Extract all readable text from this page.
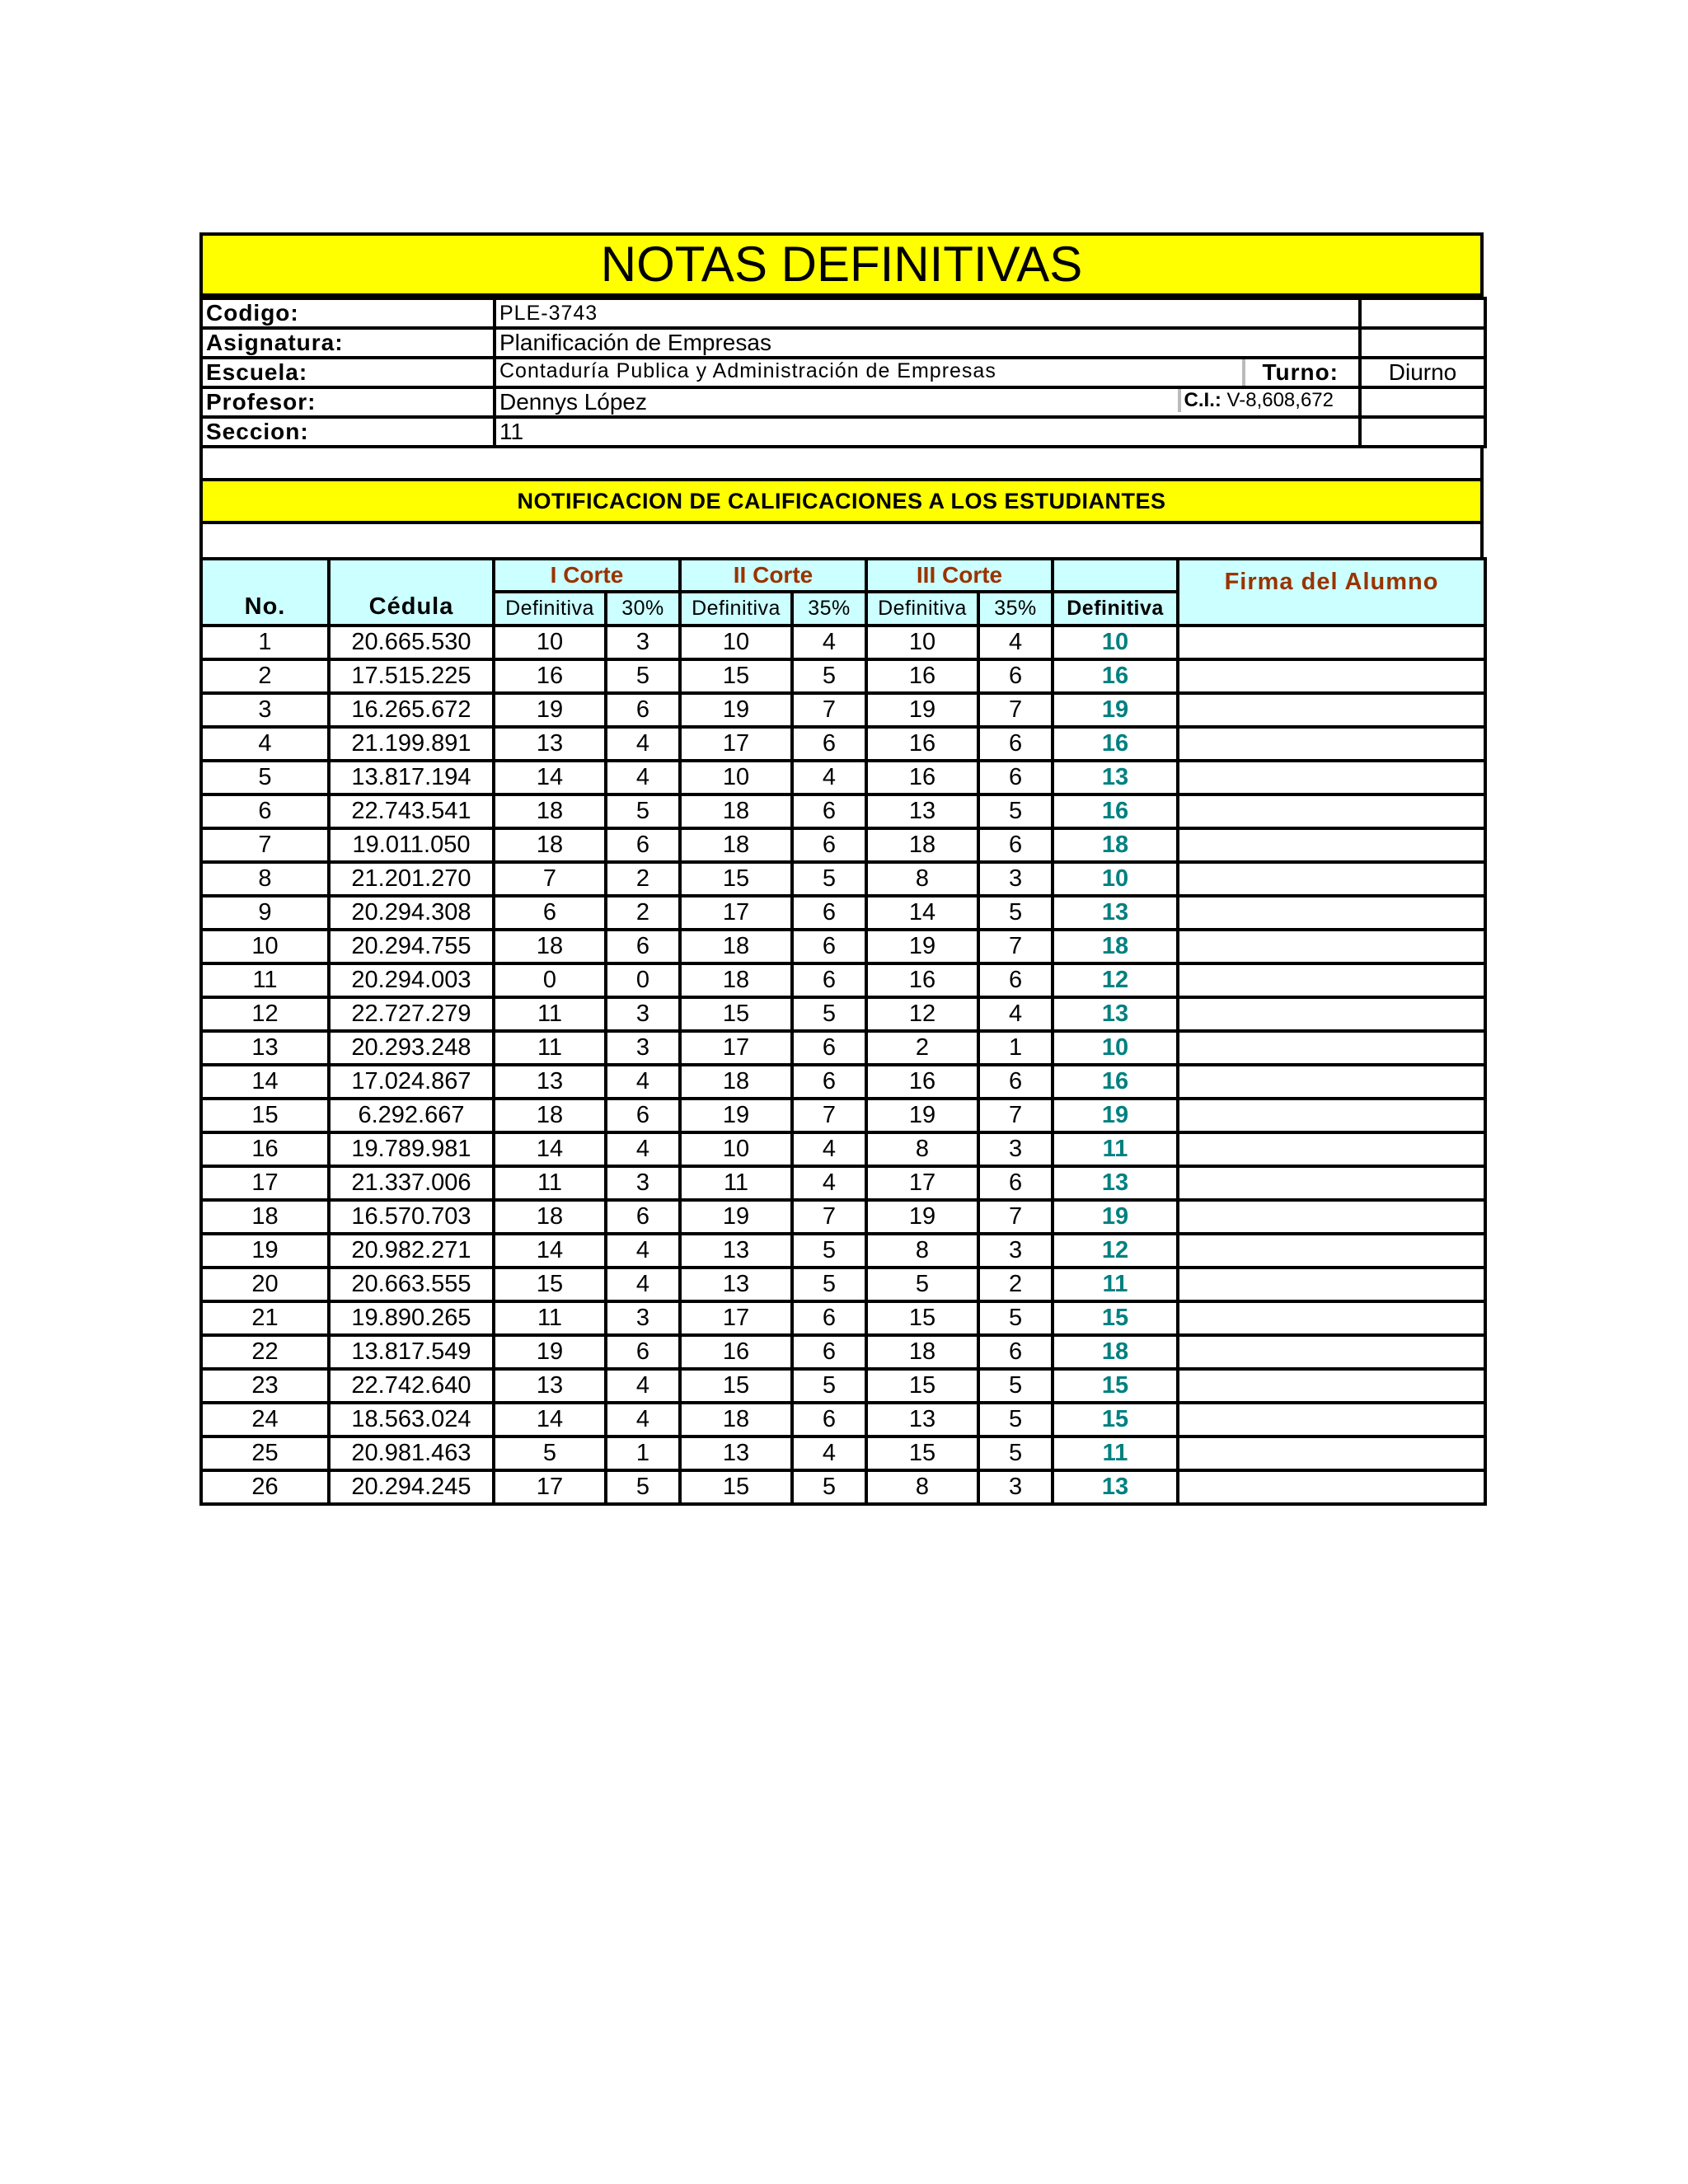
NOTAS DEFINITIVAS
Codigo:	PLE-3743	
Asignatura:	Planificación de Empresas	
Escuela:	Contaduría Publica y Administración de Empresas Turno:	Diurno
Profesor:	Dennys López C.I.: V-8,608,672	

Seccion:	11	
NOTIFICACION DE CALIFICACIONES A LOS ESTUDIANTES
No.	Cédula	I Corte		II Corte		III Corte			Firma del Alumno
		Definitiva	30%	Definitiva	35%	Definitiva	35%	Definitiva	
1	20.665.530	10	3	10	4	10	4	10	
2	17.515.225	16	5	15	5	16	6	16	
3	16.265.672	19	6	19	7	19	7	19	
4	21.199.891	13	4	17	6	16	6	16	
5	13.817.194	14	4	10	4	16	6	13	
6	22.743.541	18	5	18	6	13	5	16	
7	19.011.050	18	6	18	6	18	6	18	
8	21.201.270	7	2	15	5	8	3	10	
9	20.294.308	6	2	17	6	14	5	13	
10	20.294.755	18	6	18	6	19	7	18	
11	20.294.003	0	0	18	6	16	6	12	
12	22.727.279	11	3	15	5	12	4	13	
13	20.293.248	11	3	17	6	2	1	10	
14	17.024.867	13	4	18	6	16	6	16	
15	6.292.667	18	6	19	7	19	7	19	
16	19.789.981	14	4	10	4	8	3	11	
17	21.337.006	11	3	11	4	17	6	13	
18	16.570.703	18	6	19	7	19	7	19	
19	20.982.271	14	4	13	5	8	3	12	
20	20.663.555	15	4	13	5	5	2	11	
21	19.890.265	11	3	17	6	15	5	15	
22	13.817.549	19	6	16	6	18	6	18	
23	22.742.640	13	4	15	5	15	5	15	
24	18.563.024	14	4	18	6	13	5	15	
25	20.981.463	5	1	13	4	15	5	11	
26	20.294.245	17	5	15	5	8	3	13	
